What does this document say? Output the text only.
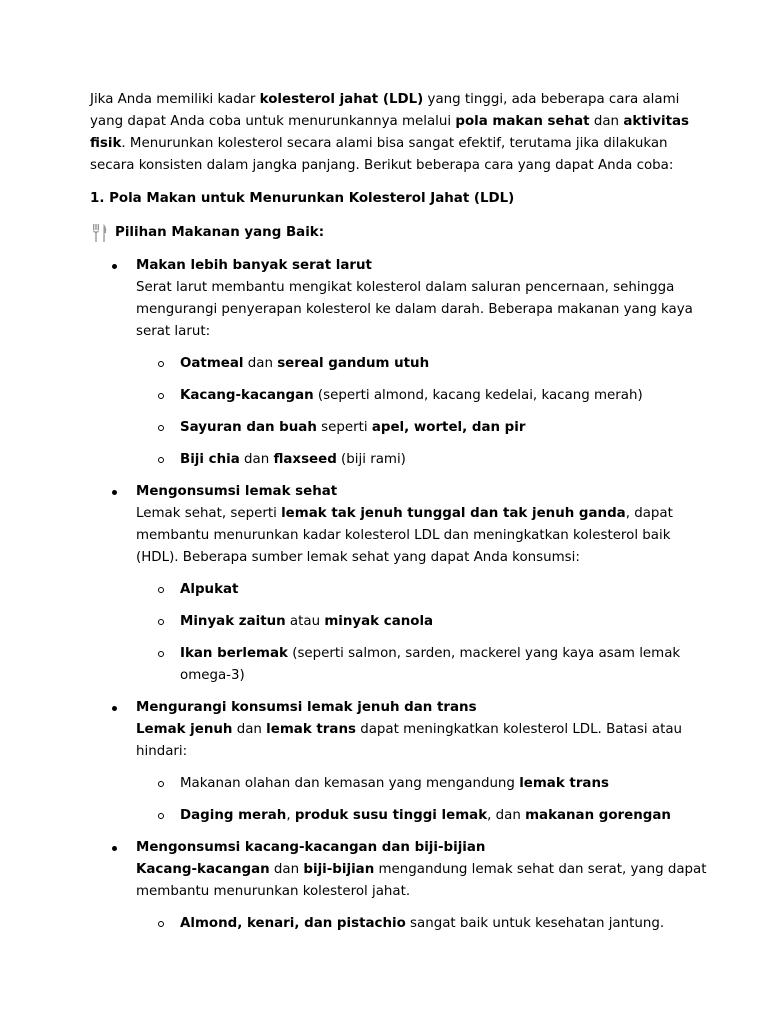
Jika Anda memiliki kadar kolesterol jahat (LDL) yang tinggi, ada beberapa cara alami yang dapat Anda coba untuk menurunkannya melalui pola makan sehat dan aktivitas fisik. Menurunkan kolesterol secara alami bisa sangat efektif, terutama jika dilakukan secara konsisten dalam jangka panjang. Berikut beberapa cara yang dapat Anda coba:

1. Pola Makan untuk Menurunkan Kolesterol Jahat (LDL)

Pilihan Makanan yang Baik:
Makan lebih banyak serat larut
Serat larut membantu mengikat kolesterol dalam saluran pencernaan, sehingga mengurangi penyerapan kolesterol ke dalam darah. Beberapa makanan yang kaya serat larut:
Oatmeal dan sereal gandum utuh
Kacang-kacangan (seperti almond, kacang kedelai, kacang merah)
Sayuran dan buah seperti apel, wortel, dan pir
Biji chia dan flaxseed (biji rami)
Mengonsumsi lemak sehat
Lemak sehat, seperti lemak tak jenuh tunggal dan tak jenuh ganda, dapat membantu menurunkan kadar kolesterol LDL dan meningkatkan kolesterol baik (HDL). Beberapa sumber lemak sehat yang dapat Anda konsumsi:
Alpukat
Minyak zaitun atau minyak canola
Ikan berlemak (seperti salmon, sarden, mackerel yang kaya asam lemak omega-3)
Mengurangi konsumsi lemak jenuh dan trans
Lemak jenuh dan lemak trans dapat meningkatkan kolesterol LDL. Batasi atau hindari:
Makanan olahan dan kemasan yang mengandung lemak trans
Daging merah, produk susu tinggi lemak, dan makanan gorengan
Mengonsumsi kacang-kacangan dan biji-bijian
Kacang-kacangan dan biji-bijian mengandung lemak sehat dan serat, yang dapat membantu menurunkan kolesterol jahat.
Almond, kenari, dan pistachio sangat baik untuk kesehatan jantung.
